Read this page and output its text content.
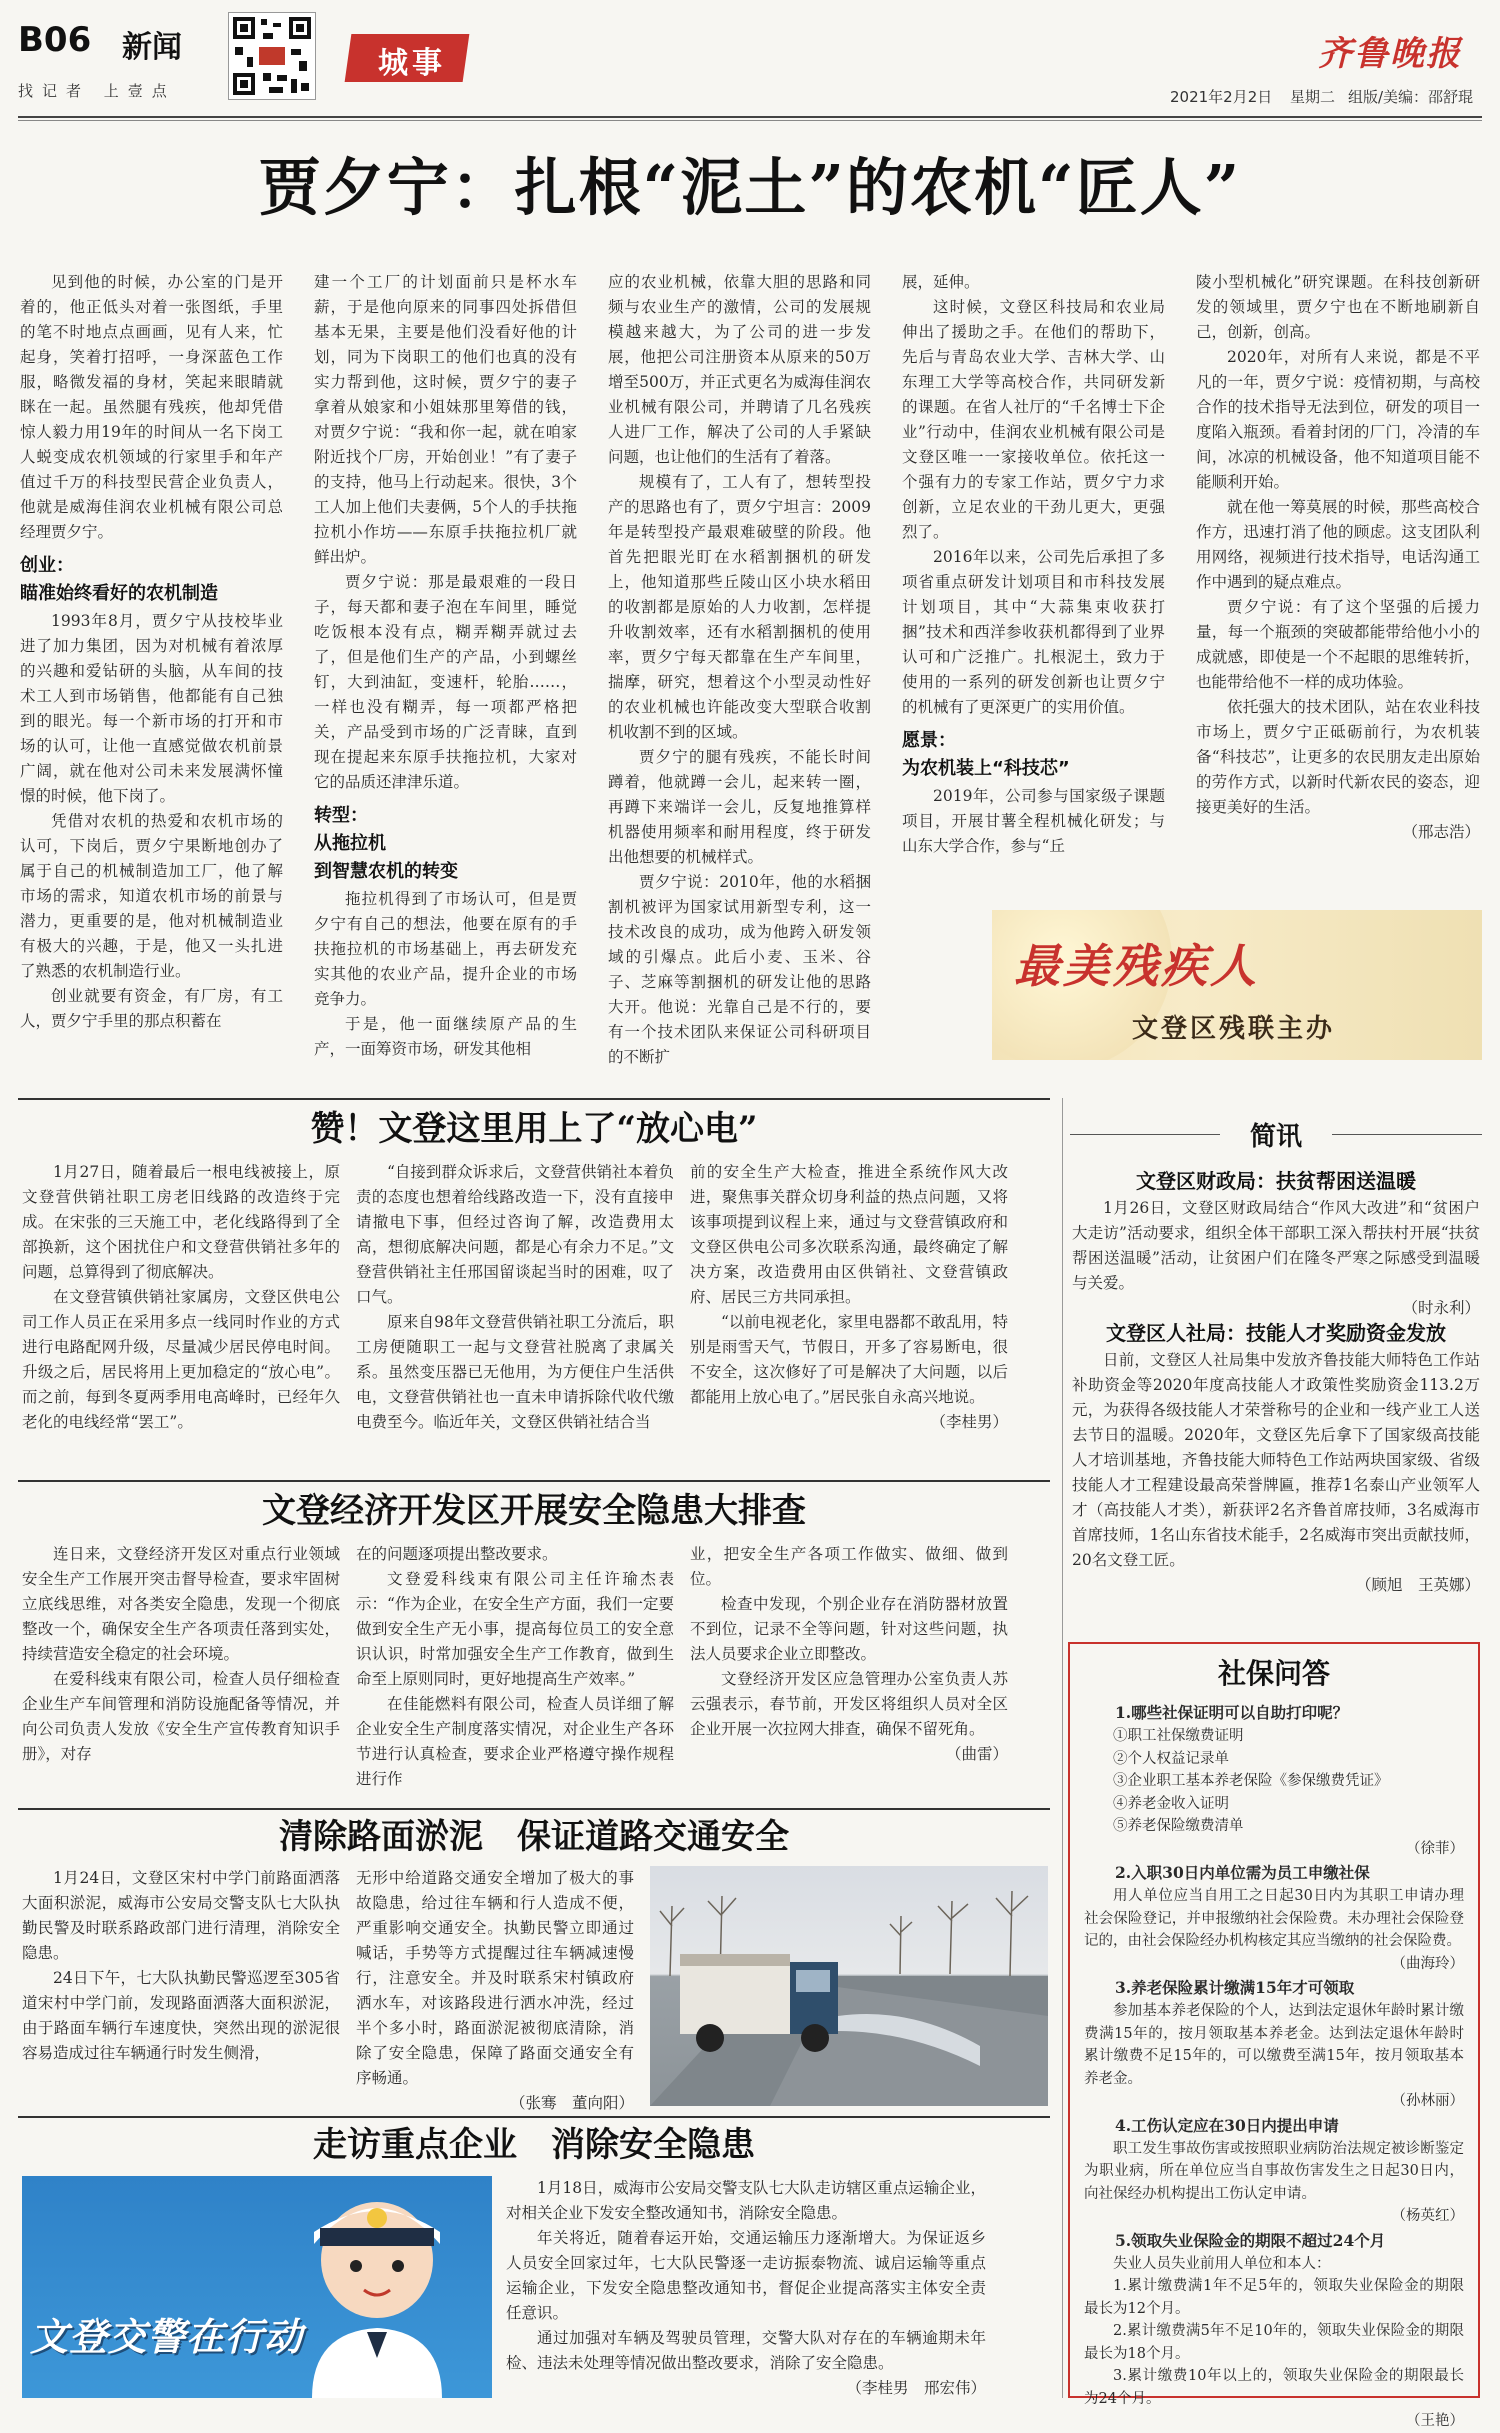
B06 新闻
找记者 上壹点
城事	齐鲁晚报
2021年2月2日 星期二 组版/美编：邵舒琨
贾夕宁：扎根“泥土”的农机“匠人”

见到他的时候，办公室的门是开着的，他正低头对着一张图纸，手里的笔不时地点点画画，见有人来，忙起身，笑着打招呼，一身深蓝色工作服，略微发福的身材，笑起来眼睛就眯在一起。虽然腿有残疾，他却凭借惊人毅力用19年的时间从一名下岗工人蜕变成农机领域的行家里手和年产值过千万的科技型民营企业负责人，他就是威海佳润农业机械有限公司总经理贾夕宁。

创业：
瞄准始终看好的农机制造

1993年8月，贾夕宁从技校毕业进了加力集团，因为对机械有着浓厚的兴趣和爱钻研的头脑，从车间的技术工人到市场销售，他都能有自己独到的眼光。每一个新市场的打开和市场的认可，让他一直感觉做农机前景广阔，就在他对公司未来发展满怀憧憬的时候，他下岗了。

凭借对农机的热爱和农机市场的认可，下岗后，贾夕宁果断地创办了属于自己的机械制造加工厂，他了解市场的需求，知道农机市场的前景与潜力，更重要的是，他对机械制造业有极大的兴趣，于是，他又一头扎进了熟悉的农机制造行业。

创业就要有资金，有厂房，有工人，贾夕宁手里的那点积蓄在

建一个工厂的计划面前只是杯水车薪，于是他向原来的同事四处拆借但基本无果，主要是他们没看好他的计划，同为下岗职工的他们也真的没有实力帮到他，这时候，贾夕宁的妻子拿着从娘家和小姐妹那里筹借的钱，对贾夕宁说：“我和你一起，就在咱家附近找个厂房，开始创业！”有了妻子的支持，他马上行动起来。很快，3个工人加上他们夫妻俩，5个人的手扶拖拉机小作坊——东原手扶拖拉机厂就鲜出炉。

贾夕宁说：那是最艰难的一段日子，每天都和妻子泡在车间里，睡觉吃饭根本没有点，糊弄糊弄就过去了，但是他们生产的产品，小到螺丝钉，大到油缸，变速杆，轮胎……，一样也没有糊弄，每一项都严格把关，产品受到市场的广泛青睐，直到现在提起来东原手扶拖拉机，大家对它的品质还津津乐道。

转型：
从拖拉机
到智慧农机的转变

拖拉机得到了市场认可，但是贾夕宁有自己的想法，他要在原有的手扶拖拉机的市场基础上，再去研发充实其他的农业产品，提升企业的市场竞争力。

于是，他一面继续原产品的生产，一面筹资市场，研发其他相

应的农业机械，依靠大胆的思路和同频与农业生产的激情，公司的发展规模越来越大，为了公司的进一步发展，他把公司注册资本从原来的50万增至500万，并正式更名为威海佳润农业机械有限公司，并聘请了几名残疾人进厂工作，解决了公司的人手紧缺问题，也让他们的生活有了着落。

规模有了，工人有了，想转型投产的思路也有了，贾夕宁坦言：2009年是转型投产最艰难破壁的阶段。他首先把眼光盯在水稻割捆机的研发上，他知道那些丘陵山区小块水稻田的收割都是原始的人力收割，怎样提升收割效率，还有水稻割捆机的使用率，贾夕宁每天都靠在生产车间里，揣摩，研究，想着这个小型灵动性好的农业机械也许能改变大型联合收割机收割不到的区域。

贾夕宁的腿有残疾，不能长时间蹲着，他就蹲一会儿，起来转一圈，再蹲下来端详一会儿，反复地推算样机器使用频率和耐用程度，终于研发出他想要的机械样式。

贾夕宁说：2010年，他的水稻捆割机被评为国家试用新型专利，这一技术改良的成功，成为他跨入研发领域的引爆点。此后小麦、玉米、谷子、芝麻等割捆机的研发让他的思路大开。他说：光靠自己是不行的，要有一个技术团队来保证公司科研项目的不断扩

展，延伸。

这时候，文登区科技局和农业局伸出了援助之手。在他们的帮助下，先后与青岛农业大学、吉林大学、山东理工大学等高校合作，共同研发新的课题。在省人社厅的“千名博士下企业”行动中，佳润农业机械有限公司是文登区唯一一家接收单位。依托这一个强有力的专家工作站，贾夕宁力求创新，立足农业的干劲儿更大，更强烈了。

2016年以来，公司先后承担了多项省重点研发计划项目和市科技发展计划项目，其中“大蒜集束收获打捆”技术和西洋参收获机都得到了业界认可和广泛推广。扎根泥土，致力于使用的一系列的研发创新也让贾夕宁的机械有了更深更广的实用价值。

愿景：
为农机装上“科技芯”

2019年，公司参与国家级子课题项目，开展甘薯全程机械化研发；与山东大学合作，参与“丘

陵小型机械化”研究课题。在科技创新研发的领域里，贾夕宁也在不断地刷新自己，创新，创高。

2020年，对所有人来说，都是不平凡的一年，贾夕宁说：疫情初期，与高校合作的技术指导无法到位，研发的项目一度陷入瓶颈。看着封闭的厂门，冷清的车间，冰凉的机械设备，他不知道项目能不能顺利开始。

就在他一筹莫展的时候，那些高校合作方，迅速打消了他的顾虑。这支团队利用网络，视频进行技术指导，电话沟通工作中遇到的疑点难点。

贾夕宁说：有了这个坚强的后援力量，每一个瓶颈的突破都能带给他小小的成就感，即使是一个不起眼的思维转折，也能带给他不一样的成功体验。

依托强大的技术团队，站在农业科技市场上，贾夕宁正砥砺前行，为农机装备“科技芯”，让更多的农民朋友走出原始的劳作方式，以新时代新农民的姿态，迎接更美好的生活。

（邢志浩）
最美残疾人
文登区残联主办
赞！文登这里用上了“放心电”

1月27日，随着最后一根电线被接上，原文登营供销社职工房老旧线路的改造终于完成。在宋张的三天施工中，老化线路得到了全部换新，这个困扰住户和文登营供销社多年的问题，总算得到了彻底解决。

在文登营镇供销社家属房，文登区供电公司工作人员正在采用多点一线同时作业的方式进行电路配网升级，尽量减少居民停电时间。升级之后，居民将用上更加稳定的“放心电”。而之前，每到冬夏两季用电高峰时，已经年久老化的电线经常“罢工”。

“自接到群众诉求后，文登营供销社本着负责的态度也想着给线路改造一下，没有直接申请撤电下事，但经过咨询了解，改造费用太高，想彻底解决问题，都是心有余力不足。”文登营供销社主任邢国留谈起当时的困难，叹了口气。

原来自98年文登营供销社职工分流后，职工房便随职工一起与文登营社脱离了隶属关系。虽然变压器已无他用，为方便住户生活供电，文登营供销社也一直未申请拆除代收代缴电费至今。临近年关，文登区供销社结合当

前的安全生产大检查，推进全系统作风大改进，聚焦事关群众切身利益的热点问题，又将该事项提到议程上来，通过与文登营镇政府和文登区供电公司多次联系沟通，最终确定了解决方案，改造费用由区供销社、文登营镇政府、居民三方共同承担。

“以前电视老化，家里电器都不敢乱用，特别是雨雪天气，节假日，开多了容易断电，很不安全，这次修好了可是解决了大问题，以后都能用上放心电了。”居民张自永高兴地说。

（李桂男）
文登经济开发区开展安全隐患大排查

连日来，文登经济开发区对重点行业领域安全生产工作展开突击督导检查，要求牢固树立底线思维，对各类安全隐患，发现一个彻底整改一个，确保安全生产各项责任落到实处，持续营造安全稳定的社会环境。

在爱科线束有限公司，检查人员仔细检查企业生产车间管理和消防设施配备等情况，并向公司负责人发放《安全生产宣传教育知识手册》，对存

在的问题逐项提出整改要求。

文登爱科线束有限公司主任许瑜杰表示：“作为企业，在安全生产方面，我们一定要做到安全生产无小事，提高每位员工的安全意识认识，时常加强安全生产工作教育，做到生命至上原则同时，更好地提高生产效率。”

在佳能燃料有限公司，检查人员详细了解企业安全生产制度落实情况，对企业生产各环节进行认真检查，要求企业严格遵守操作规程进行作

业，把安全生产各项工作做实、做细、做到位。

检查中发现，个别企业存在消防器材放置不到位，记录不全等问题，针对这些问题，执法人员要求企业立即整改。

文登经济开发区应急管理办公室负责人苏云强表示，春节前，开发区将组织人员对全区企业开展一次拉网大排查，确保不留死角。

（曲雷）
清除路面淤泥　保证道路交通安全

1月24日，文登区宋村中学门前路面洒落大面积淤泥，威海市公安局交警支队七大队执勤民警及时联系路政部门进行清理，消除安全隐患。

24日下午，七大队执勤民警巡逻至305省道宋村中学门前，发现路面洒落大面积淤泥，由于路面车辆行车速度快，突然出现的淤泥很容易造成过往车辆通行时发生侧滑，

无形中给道路交通安全增加了极大的事故隐患，给过往车辆和行人造成不便，严重影响交通安全。执勤民警立即通过喊话，手势等方式提醒过往车辆减速慢行，注意安全。并及时联系宋村镇政府洒水车，对该路段进行洒水冲洗，经过半个多小时，路面淤泥被彻底清除，消除了安全隐患，保障了路面交通安全有序畅通。

（张骞　董向阳）
走访重点企业　消除安全隐患
文登交警在行动

1月18日，威海市公安局交警支队七大队走访辖区重点运输企业，对相关企业下发安全整改通知书，消除安全隐患。

年关将近，随着春运开始，交通运输压力逐渐增大。为保证返乡人员安全回家过年，七大队民警逐一走访振泰物流、诚启运输等重点运输企业，下发安全隐患整改通知书，督促企业提高落实主体安全责任意识。

通过加强对车辆及驾驶员管理，交警大队对存在的车辆逾期未年检、违法未处理等情况做出整改要求，消除了安全隐患。

（李桂男　邢宏伟）
简讯
文登区财政局：扶贫帮困送温暖

1月26日，文登区财政局结合“作风大改进”和“贫困户大走访”活动要求，组织全体干部职工深入帮扶村开展“扶贫帮困送温暖”活动，让贫困户们在隆冬严寒之际感受到温暖与关爱。

（时永利）
文登区人社局：技能人才奖励资金发放

日前，文登区人社局集中发放齐鲁技能大师特色工作站补助资金等2020年度高技能人才政策性奖励资金113.2万元，为获得各级技能人才荣誉称号的企业和一线产业工人送去节日的温暖。2020年，文登区先后拿下了国家级高技能人才培训基地，齐鲁技能大师特色工作站两块国家级、省级技能人才工程建设最高荣誉牌匾，推荐1名泰山产业领军人才（高技能人才类），新获评2名齐鲁首席技师，3名威海市首席技师，1名山东省技术能手，2名威海市突出贡献技师，20名文登工匠。

（顾旭　王英娜）
社保问答

1.哪些社保证明可以自助打印呢？

①职工社保缴费证明

②个人权益记录单

③企业职工基本养老保险《参保缴费凭证》

④养老金收入证明

⑤养老保险缴费清单

（徐菲）

2.入职30日内单位需为员工申缴社保

用人单位应当自用工之日起30日内为其职工申请办理社会保险登记，并申报缴纳社会保险费。未办理社会保险登记的，由社会保险经办机构核定其应当缴纳的社会保险费。

（曲海玲）

3.养老保险累计缴满15年才可领取

参加基本养老保险的个人，达到法定退休年龄时累计缴费满15年的，按月领取基本养老金。达到法定退休年龄时累计缴费不足15年的，可以缴费至满15年，按月领取基本养老金。

（孙林丽）

4.工伤认定应在30日内提出申请

职工发生事故伤害或按照职业病防治法规定被诊断鉴定为职业病，所在单位应当自事故伤害发生之日起30日内，向社保经办机构提出工伤认定申请。

（杨英红）

5.领取失业保险金的期限不超过24个月

失业人员失业前用人单位和本人：

1.累计缴费满1年不足5年的，领取失业保险金的期限最长为12个月。

2.累计缴费满5年不足10年的，领取失业保险金的期限最长为18个月。

3.累计缴费10年以上的，领取失业保险金的期限最长为24个月。

（王艳）
